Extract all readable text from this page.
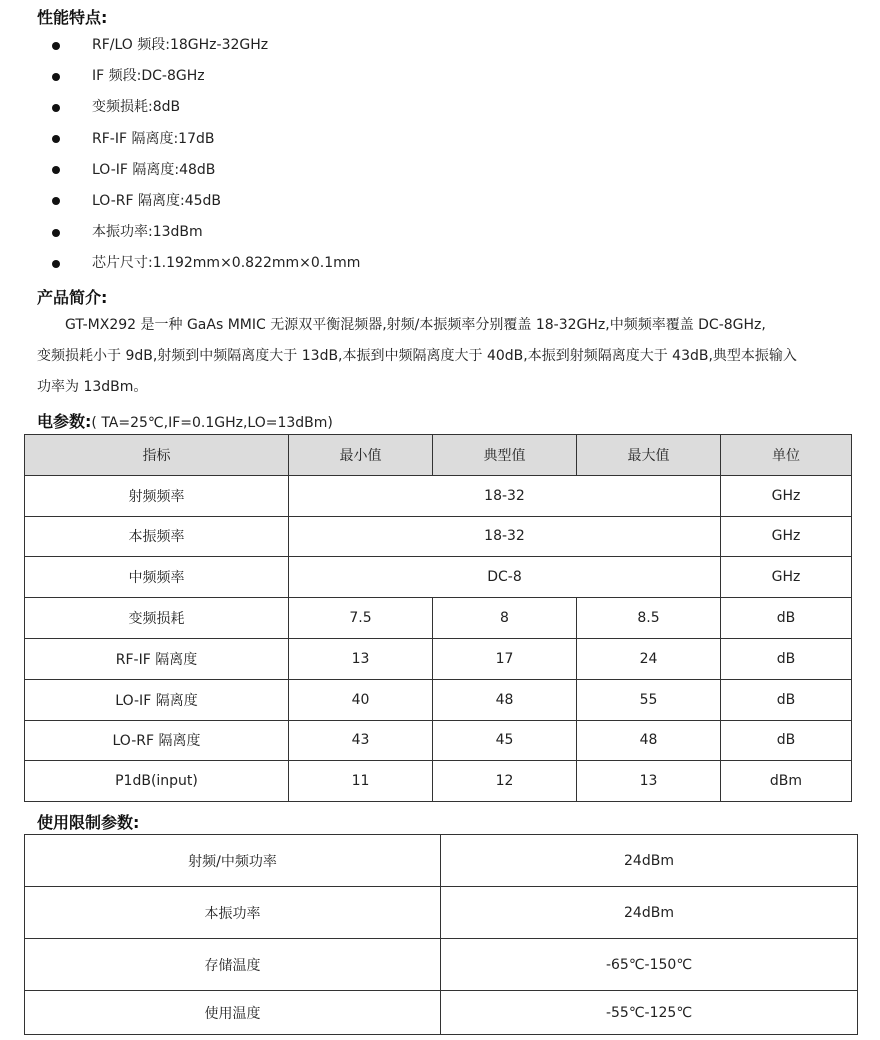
性能特点:
RF/LO 频段:18GHz-32GHz
IF 频段:DC-8GHz
变频损耗:8dB
RF-IF 隔离度:17dB
LO-IF 隔离度:48dB
LO-RF 隔离度:45dB
本振功率:13dBm
芯片尺寸:1.192mm×0.822mm×0.1mm
产品简介:

GT-MX292 是一种 GaAs MMIC 无源双平衡混频器,射频/本振频率分别覆盖 18-32GHz,中频频率覆盖 DC-8GHz,
变频损耗小于 9dB,射频到中频隔离度大于 13dB,本振到中频隔离度大于 40dB,本振到射频隔离度大于 43dB,典型本振输入
功率为 13dBm。

电参数:( TA=25℃,IF=0.1GHz,LO=13dBm)
指标	最小值	典型值	最大值	单位
射频频率	18-32			GHz
本振频率	18-32			GHz
中频频率	DC-8			GHz
变频损耗	7.5	8	8.5	dB
RF-IF 隔离度	13	17	24	dB
LO-IF 隔离度	40	48	55	dB
LO-RF 隔离度	43	45	48	dB
P1dB(input)	11	12	13	dBm
使用限制参数:
射频/中频功率	24dBm
本振功率	24dBm
存储温度	-65℃-150℃
使用温度	-55℃-125℃
